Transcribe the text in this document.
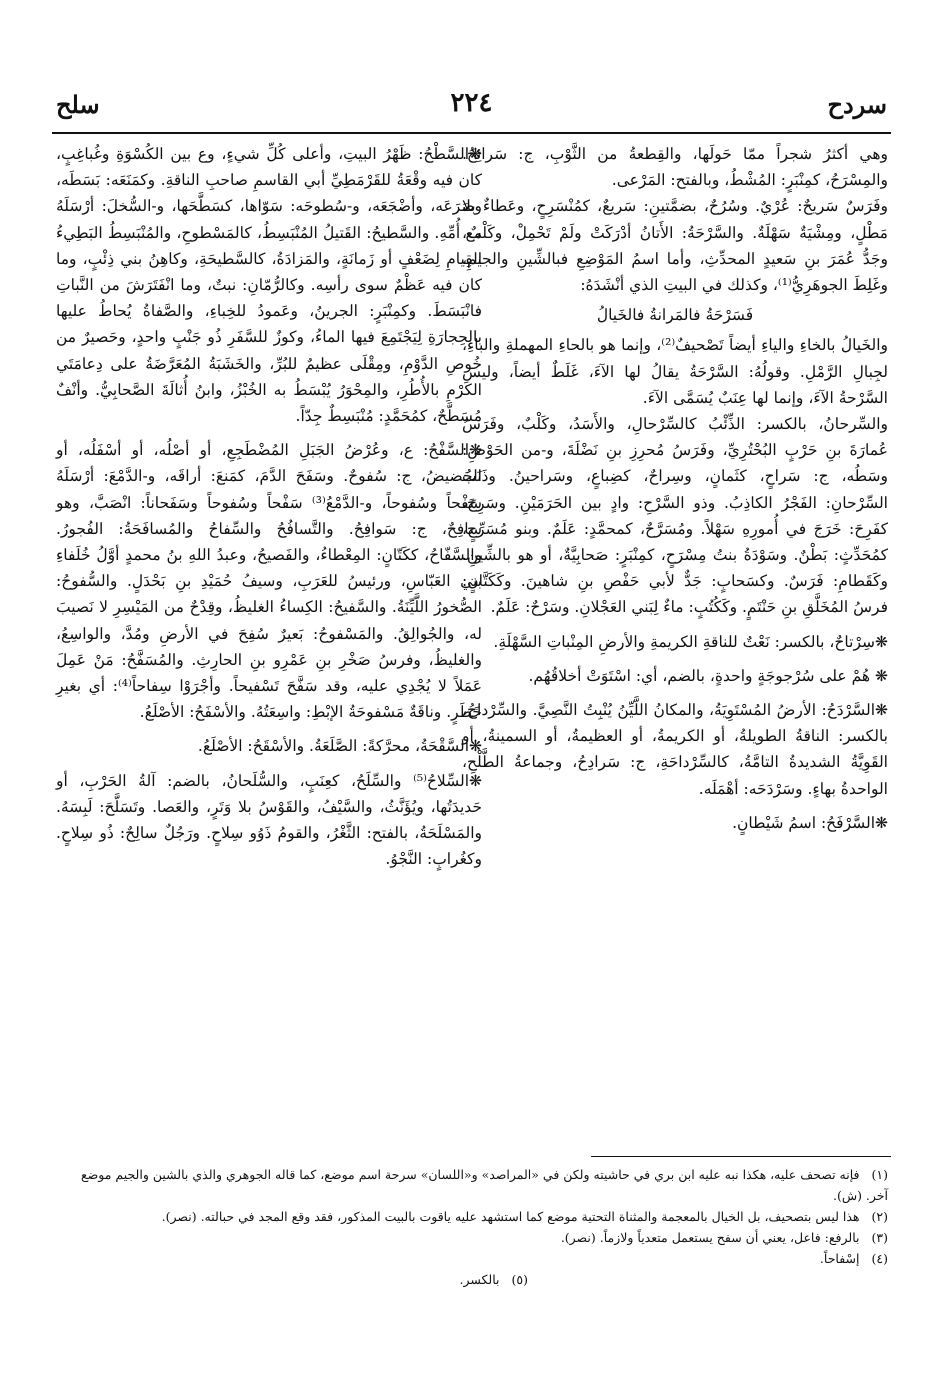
سردح
٢٢٤
سلح

وهي أكثرُ شجراً ممّا حَولَها، والقِطعةُ من الثَّوْبِ، ج: سَرائِحُ. والمِسْرَحُ، كمِنْبَرٍ: المُشْطُ، وبالفتح: المَرْعى.

وفَرَسٌ سَريحٌ: عُرْيٌ. وسُرُحٌ، بضمَّتينِ: سَريعٌ، كمُنْسَرِحٍ، وعَطاءٌ بلا مَطْلٍ، ومِشْيَةٌ سَهْلَةٌ. والسَّرْحَةُ: الأَتانُ أدْرَكَتْ ولَمْ تَحْمِلْ، وكَلْبٌ، وجَدُّ عُمَرَ بنِ سَعيدٍ المحدِّثِ، وأما اسمُ المَوْضِعِ فبالشِّينِ والجيمِ، وغَلِطَ الجوهَرِيُّ⁽¹⁾، وكذلك في البيتِ الذي أنْشَدَهُ:

فَسَرْحَةُ فالمَرانةُ فالخَيالُ

والخَيالُ بالخاءِ والياءِ أيضاً تَصْحيفٌ⁽²⁾، وإنما هو بالحاءِ المهملةِ والباءِ، لجِبالِ الرَّمْلِ. وقولُهُ: السَّرْحَةُ يقالُ لها الآءَ، غَلَطٌ أيضاً، وليس السَّرْحةُ الآءَ، وإنما لها عِنَبٌ يُسَمَّى الآءَ.

والسِّرحانُ، بالكسر: الذِّئْبُ كالسِّرْحالِ، والأَسَدُ، وكَلْبٌ، وفَرَسُ عُمارَةَ بنِ حَرْبٍ البُحْتُرِيِّ، وفَرَسُ مُحرِزِ بنِ نَضْلَةَ، و-من الحَوْضِ: وسَطُه، ج: سَراحٍ، كثَمانٍ، وسِراحٌ، كضِباعٍ، وسَراحينُ. وذَنَبُ السِّرْحانِ: الفَجْرُ الكاذِبُ. وذو السَّرْحِ: وادٍ بين الحَرَمَيْنِ. وسَرِحَ، كفَرِحَ: خَرَجَ في أُمورِهِ سَهْلاً. ومُسَرَّحٌ، كمحمَّدٍ: عَلَمٌ. وبنو مُسَرِّحٍ، كمُحَدِّثٍ: بَطْنٌ. وسَوْدَةُ بنتُ مِسْرَحٍ، كمِنْبَرٍ: صَحابِيَّةٌ، أو هو بالشِّينِ. وكَقَطامِ: فَرَسٌ. وكسَحابٍ: جَدٌّ لأبي حَفْصِ بنِ شاهينَ. وكَكَتَّانٍ: فرسُ المُخَلَّقِ بنِ حَنْتَمٍ. وكَكُتُبٍ: ماءٌ لِبَني العَجْلانِ. وسَرْحٌ: عَلَمٌ.

❋سِرْتاحٌ، بالكسر: نَعْتٌ للناقةِ الكريمةِ والأرضِ المِنْباتِ السَّهْلَةِ.

❋ هُمْ على سُرْجوجَةٍ واحدةٍ، بالضم، أي: اسْتَوَتْ أخلاقُهُم.

❋السَّرْدَحُ: الأرضُ المُسْتَوِيَةُ، والمكانُ اللَّيِّنُ يُنْبِتُ النَّصِيَّ. والسِّرْداحُ، بالكسر: الناقةُ الطويلةُ، أو الكريمةُ، أو العظيمةُ، أو السمينةُ، أو القَوِيَّةُ الشديدةُ التامَّةُ، كالسِّرْداحَةِ، ج: سَرادِحُ، وجماعةُ الطَّلْحِ، الواحدةُ بهاءٍ. وسَرْدَحَه: أهْمَلَه.

❋السَّرْفَحُ: اسمُ شَيْطانٍ.

❋السَّطْحُ: ظَهْرُ البيتِ، وأعلى كُلِّ شيءٍ، وع بين الكُسْوَةِ وغُباغِبٍ، كان فيه وقْعَةُ للقَرْمَطِيِّ أبي القاسمِ صاحبِ الناقةِ. وكمَنَعَه: بَسَطَه، وصَرَعَه، وأضْجَعَه، و-سُطوحَه: سَوّاها، كسَطَّحَها، و-السُّخلَ: أرْسَلَهُ مع أُمِّهِ. والسَّطيحُ: القَتيلُ المُنْبَسِطُ، كالمَسْطوحِ، والمُنْبَسِطُ البَطِيءُ القِيامِ لِضَعْفٍ أو زَمانَةٍ، والمَزادَةُ، كالسَّطيحَةِ، وكاهِنُ بني ذِئْبٍ، وما كان فيه عَظْمٌ سوى رأسِه. وكالرُّمّانِ: نبتٌ، وما انْفَتَرَشَ من النَّباتِ فانْبَسَطَ. وكمِنْبَرٍ: الجرينُ، وعَمودُ للخِباءِ، والصَّفاةُ يُحاطُ عليها بالحِجارَةِ لِيَجْتَمِعَ فيها الماءُ، وكوزٌ للسَّفَرِ ذُو جَنْبٍ واحدٍ، وحَصيرٌ من خُوصِ الدَّوْمِ، ومِقْلَى عظيمٌ للبُرِّ، والخَشَبَةُ المُعَرَّضَةُ على دِعامَتَي الكَرْمِ بالأُطُرِ، والمِحْوَرُ يُبْسَطُ به الخُبْزُ، وابنُ أُثالَةَ الصَّحابِيُّ. وأنْفٌ مُسَطَّحٌ، كمُحَمَّدٍ: مُنْبَسِطٌ جِدّاً.

❋السَّفْحُ: ع، وعُرْضُ الجَبَلِ المُضْطَجِعِ، أو أصْلُه، أو أسْفَلُه، أو الحَضيضُ، ج: سُفوحٌ. وسَفَحَ الدَّمَ، كمَنعَ: أراقَه، و-الدَّمْعَ: أرْسَلَهُ سَفْحاً وسُفوحاً، و-الدَّمْعُ⁽³⁾ سَفْحاً وسُفوحاً وسَفَحاناً: انْصَبَّ، وهو سافِحٌ، ج: سَوافِحُ. والتَّسافُحُ والسِّفاحُ والمُسافَحَةُ: الفُجورُ. والسَّفّاحُ، ككَتّانٍ: المِعْطاءُ، والفَصيحُ، وعبدُ اللهِ بنُ محمدٍ أوَّلُ خُلَفاءِ بني العَبّاسِ، ورئيسُ للعَرَبِ، وسيفُ حُمَيْدِ بنِ بَحْدَلٍ. والسُّفوحُ: الصُّخورُ اللَّيِّنَةُ. والسَّفيحُ: الكِساءُ الغليظُ، وقِدْحٌ من المَيْسِرِ لا نَصيبَ له، والجُوالِقُ. والمَسْفوحُ: بَعيرٌ سُفِحَ في الأرضِ ومُدَّ، والواسِعُ، والغليظُ، وفرسُ صَخْرِ بنِ عَمْرِو بنِ الحارِثِ. والمُسَفَّحُ: مَنْ عَمِلَ عَمَلاً لا يُجْدِي عليه، وقد سَفَّحَ تَسْفيحاً. وأجْرَوْا سِفاحاً⁽⁴⁾: أي بغيرِ خَطَرٍ. وناقَةٌ مَسْفوحَةُ الإبْطِ: واسِعَتُهُ. والأسْفَحُ: الأصْلَعُ.

❋السَّقْحَةُ، محرَّكةً: الصَّلَعَةُ. والأسْقَحُ: الأصْلَعُ.

❋السِّلاحُ⁽⁵⁾ والسِّلَحُ، كعِنَبٍ، والسُّلَحانُ، بالضم: آلةُ الحَرْبِ، أو حَديدَتُها، ويُؤَنَّثُ، والسَّيْفُ، والقَوْسُ بلا وَتَرٍ، والعَصا. وتَسَلَّحَ: لَبِسَهُ. والمَسْلَحَةُ، بالفتح: الثَّغْرُ، والقومُ ذَوُو سِلاحٍ. ورَجُلٌ سالِحٌ: ذُو سِلاحٍ. وكغُرابٍ: النَّجْوُ.

(١)فإنه تصحف عليه، هكذا نبه عليه ابن بري في حاشيته ولكن في «المراصد» و«اللسان» سرحة اسم موضع، كما قاله الجوهري والذي بالشين والجيم موضع آخر. (ش).

(٢)هذا ليس بتصحيف، بل الخيال بالمعجمة والمثناة التحتية موضع كما استشهد عليه ياقوت بالبيت المذكور، فقد وقع المجد في حبالته. (نصر).

(٣)بالرفع: فاعل، يعني أن سفح يستعمل متعدياً ولازماً. (نصر).

(٤)إسْفاحاً.

(٥)بالكسر.
